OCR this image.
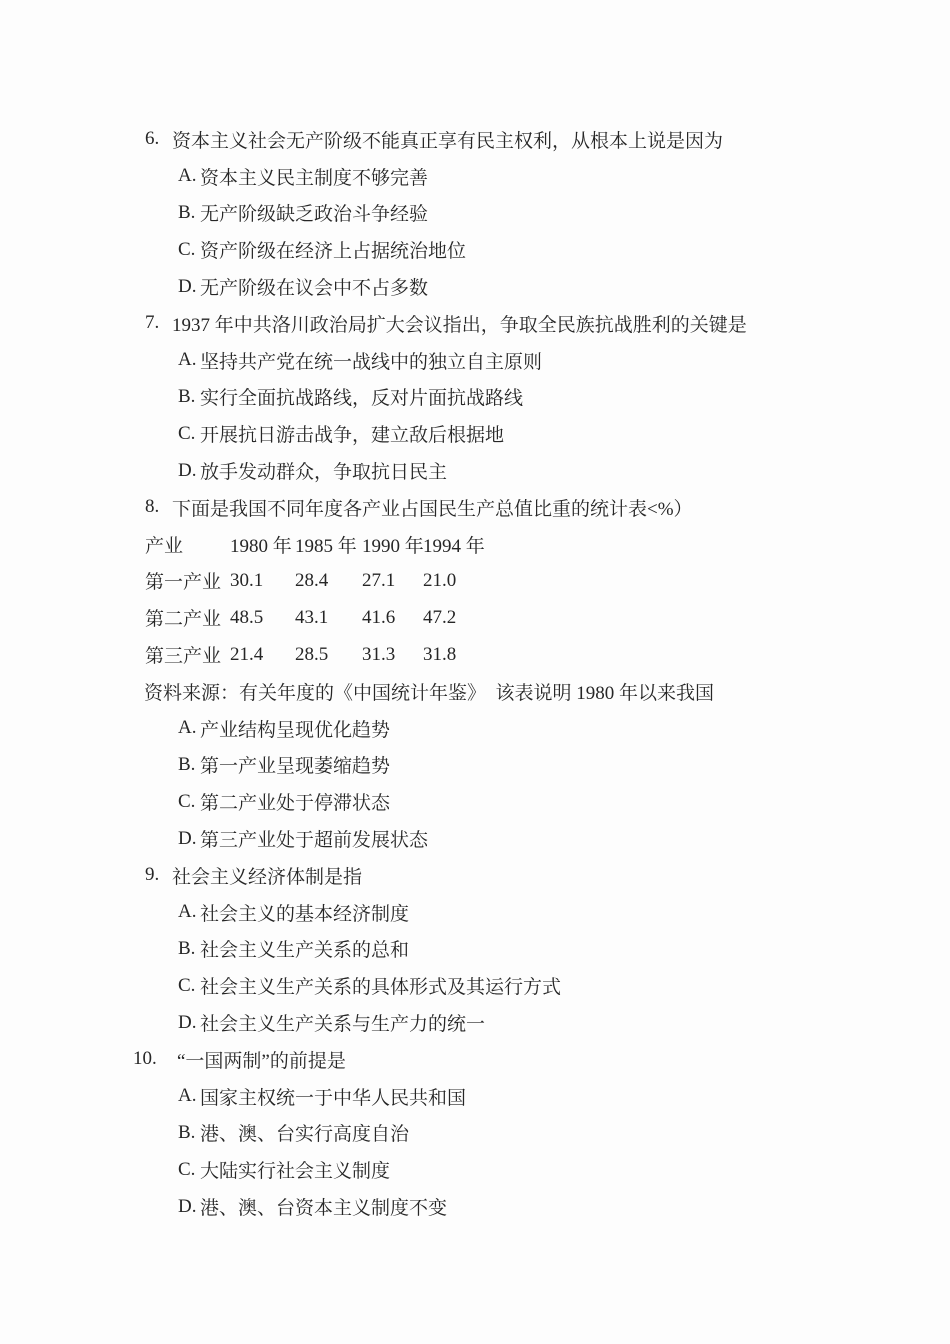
6. 资本主义社会无产阶级不能真正享有民主权利，从根本上说是因为
A. 资本主义民主制度不够完善
B. 无产阶级缺乏政治斗争经验
C. 资产阶级在经济上占据统治地位
D. 无产阶级在议会中不占多数
7. 1937 年中共洛川政治局扩大会议指出，争取全民族抗战胜利的关键是
A. 坚持共产党在统一战线中的独立自主原则
B. 实行全面抗战路线，反对片面抗战路线
C. 开展抗日游击战争，建立敌后根据地
D. 放手发动群众，争取抗日民主
8. 下面是我国不同年度各产业占国民生产总值比重的统计表<%）
产业	1980 年 1985 年 1990 年 1994 年
第一产业 30.1	28.4	27.1	21.0
第二产业 48.5	43.1	41.6	47.2
第三产业 21.4	28.5	31.3	31.8
资料来源：有关年度的《中国统计年鉴》  该表说明 1980 年以来我国
A. 产业结构呈现优化趋势
B. 第一产业呈现萎缩趋势
C. 第二产业处于停滞状态
D. 第三产业处于超前发展状态
9. 社会主义经济体制是指
A. 社会主义的基本经济制度
B. 社会主义生产关系的总和
C. 社会主义生产关系的具体形式及其运行方式
D. 社会主义生产关系与生产力的统一
10.	“一国两制”的前提是
A. 国家主权统一于中华人民共和国
B. 港、澳、台实行高度自治
C. 大陆实行社会主义制度
D. 港、澳、台资本主义制度不变
